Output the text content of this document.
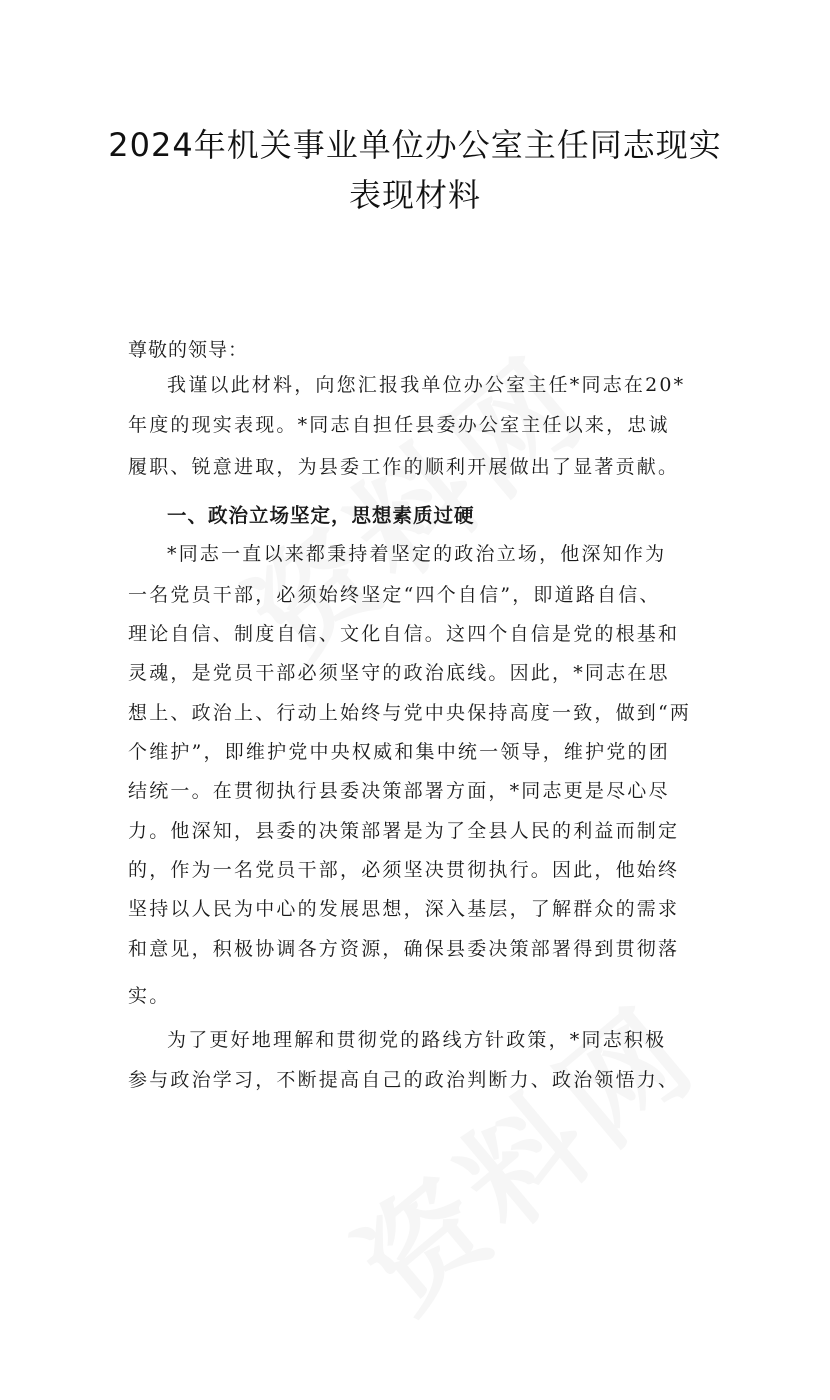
2024年机关事业单位办公室主任同志现实
表现材料
尊敬的领导：
我谨以此材料，向您汇报我单位办公室主任*同志在20*
年度的现实表现。*同志自担任县委办公室主任以来，忠诚
履职、锐意进取，为县委工作的顺利开展做出了显著贡献。
一、政治立场坚定，思想素质过硬
*同志一直以来都秉持着坚定的政治立场，他深知作为
一名党员干部，必须始终坚定“四个自信”，即道路自信、
理论自信、制度自信、文化自信。这四个自信是党的根基和
灵魂，是党员干部必须坚守的政治底线。因此，*同志在思
想上、政治上、行动上始终与党中央保持高度一致，做到“两
个维护”，即维护党中央权威和集中统一领导，维护党的团
结统一。在贯彻执行县委决策部署方面，*同志更是尽心尽
力。他深知，县委的决策部署是为了全县人民的利益而制定
的，作为一名党员干部，必须坚决贯彻执行。因此，他始终
坚持以人民为中心的发展思想，深入基层，了解群众的需求
和意见，积极协调各方资源，确保县委决策部署得到贯彻落
实。
为了更好地理解和贯彻党的路线方针政策，*同志积极
参与政治学习，不断提高自己的政治判断力、政治领悟力、
